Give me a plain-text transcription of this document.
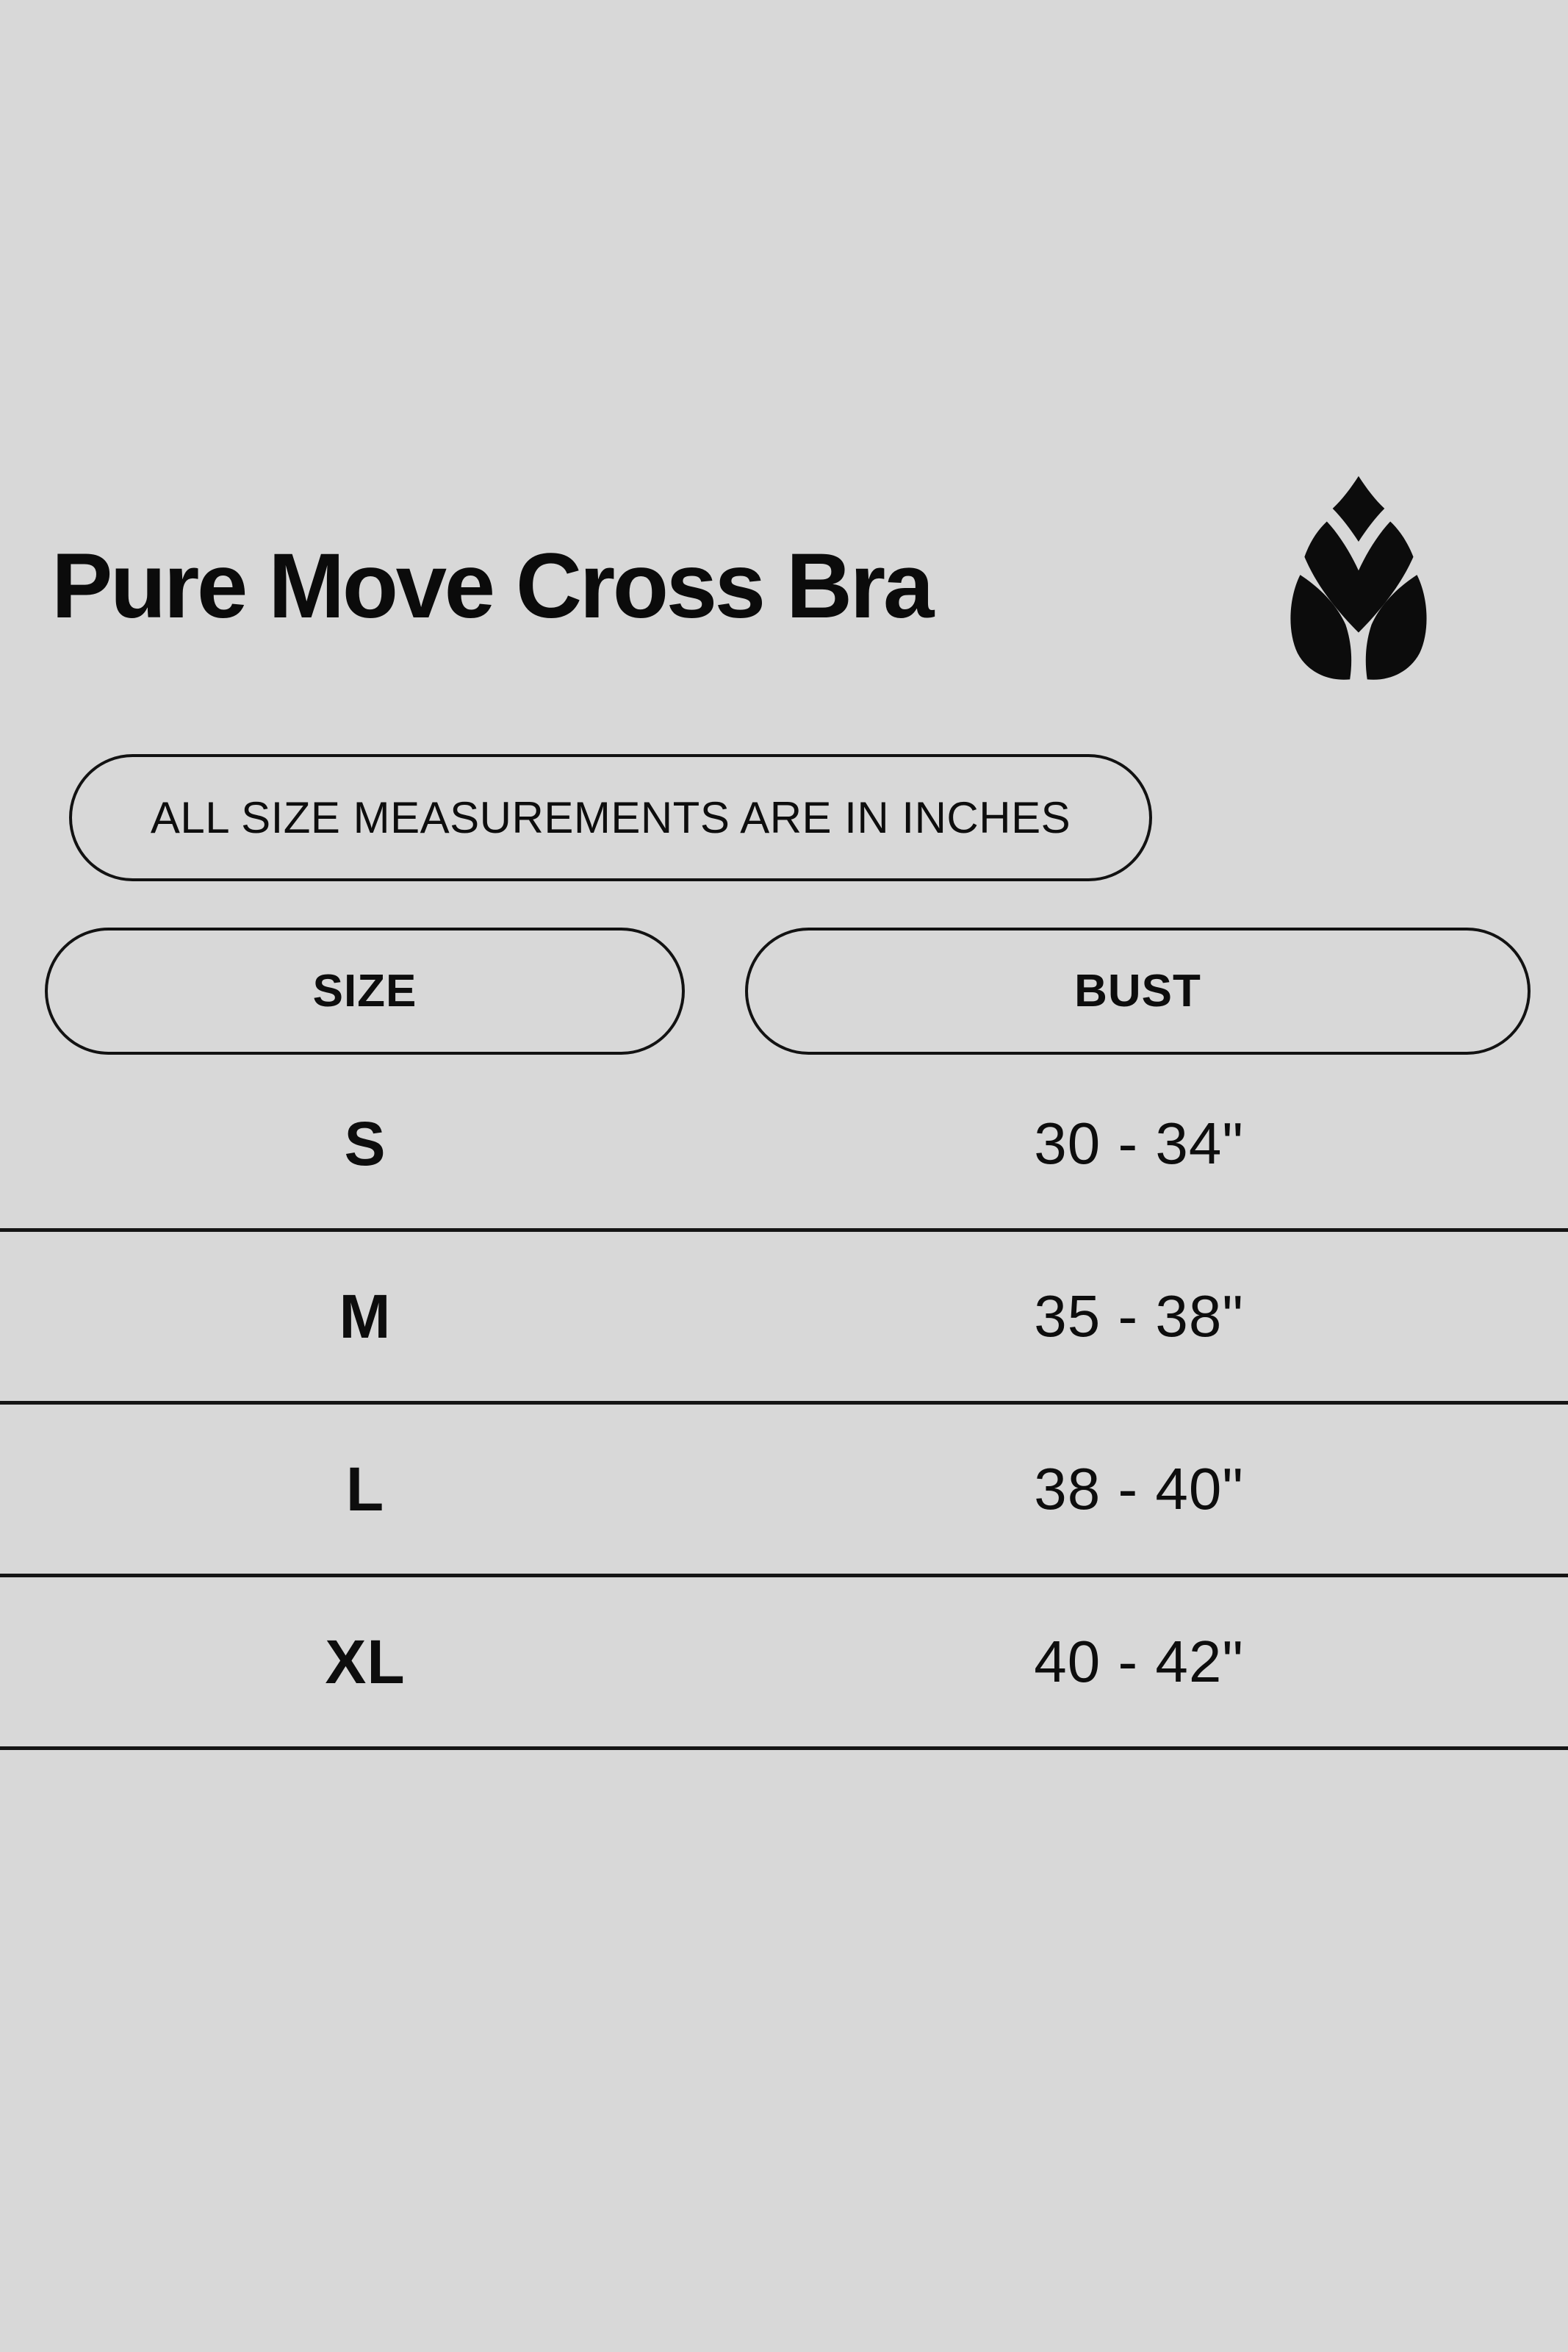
Pure Move Cross Bra
ALL SIZE MEASUREMENTS ARE IN INCHES
SIZE	BUST
S	30 - 34"
M	35 - 38"
L	38 - 40"
XL	40 - 42"
